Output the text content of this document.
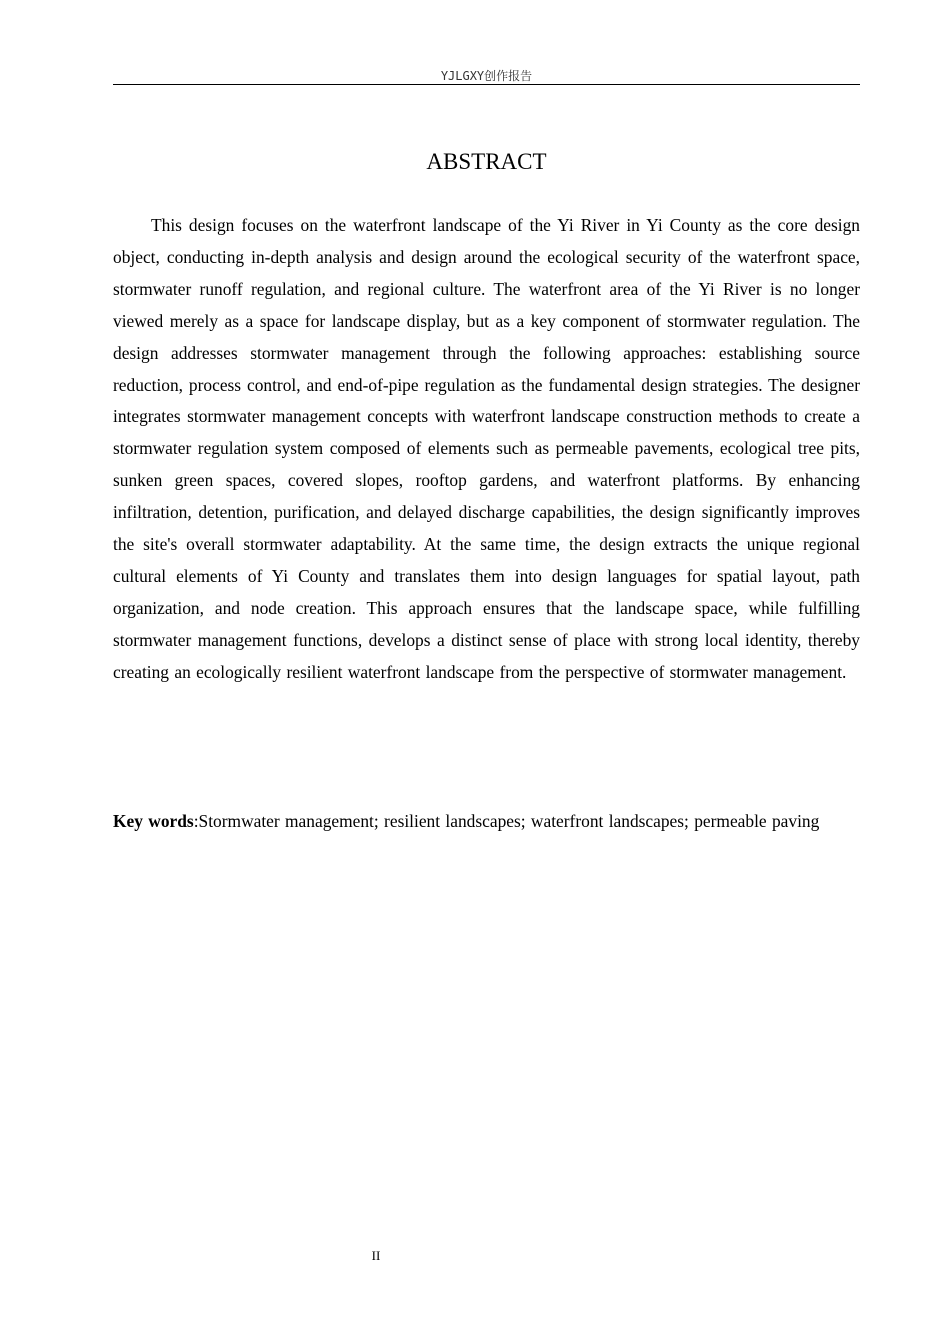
YJLGXY创作报告
ABSTRACT

This design focuses on the waterfront landscape of the Yi River in Yi County as the core design object, conducting in-depth analysis and design around the ecological security of the waterfront space, stormwater runoff regulation, and regional culture. The waterfront area of the Yi River is no longer viewed merely as a space for landscape display, but as a key component of stormwater regulation. The design addresses stormwater management through the following approaches: establishing source reduction, process control, and end-of-pipe regulation as the fundamental design strategies. The designer integrates stormwater management concepts with waterfront landscape construction methods to create a stormwater regulation system composed of elements such as permeable pavements, ecological tree pits, sunken green spaces, covered slopes, rooftop gardens, and waterfront platforms. By enhancing infiltration, detention, purification, and delayed discharge capabilities, the design significantly improves the site's overall stormwater adaptability. At the same time, the design extracts the unique regional cultural elements of Yi County and translates them into design languages for spatial layout, path organization, and node creation. This approach ensures that the landscape space, while fulfilling stormwater management functions, develops a distinct sense of place with strong local identity, thereby creating an ecologically resilient waterfront landscape from the perspective of stormwater management.

Key words:Stormwater management; resilient landscapes; waterfront landscapes; permeable paving

II
